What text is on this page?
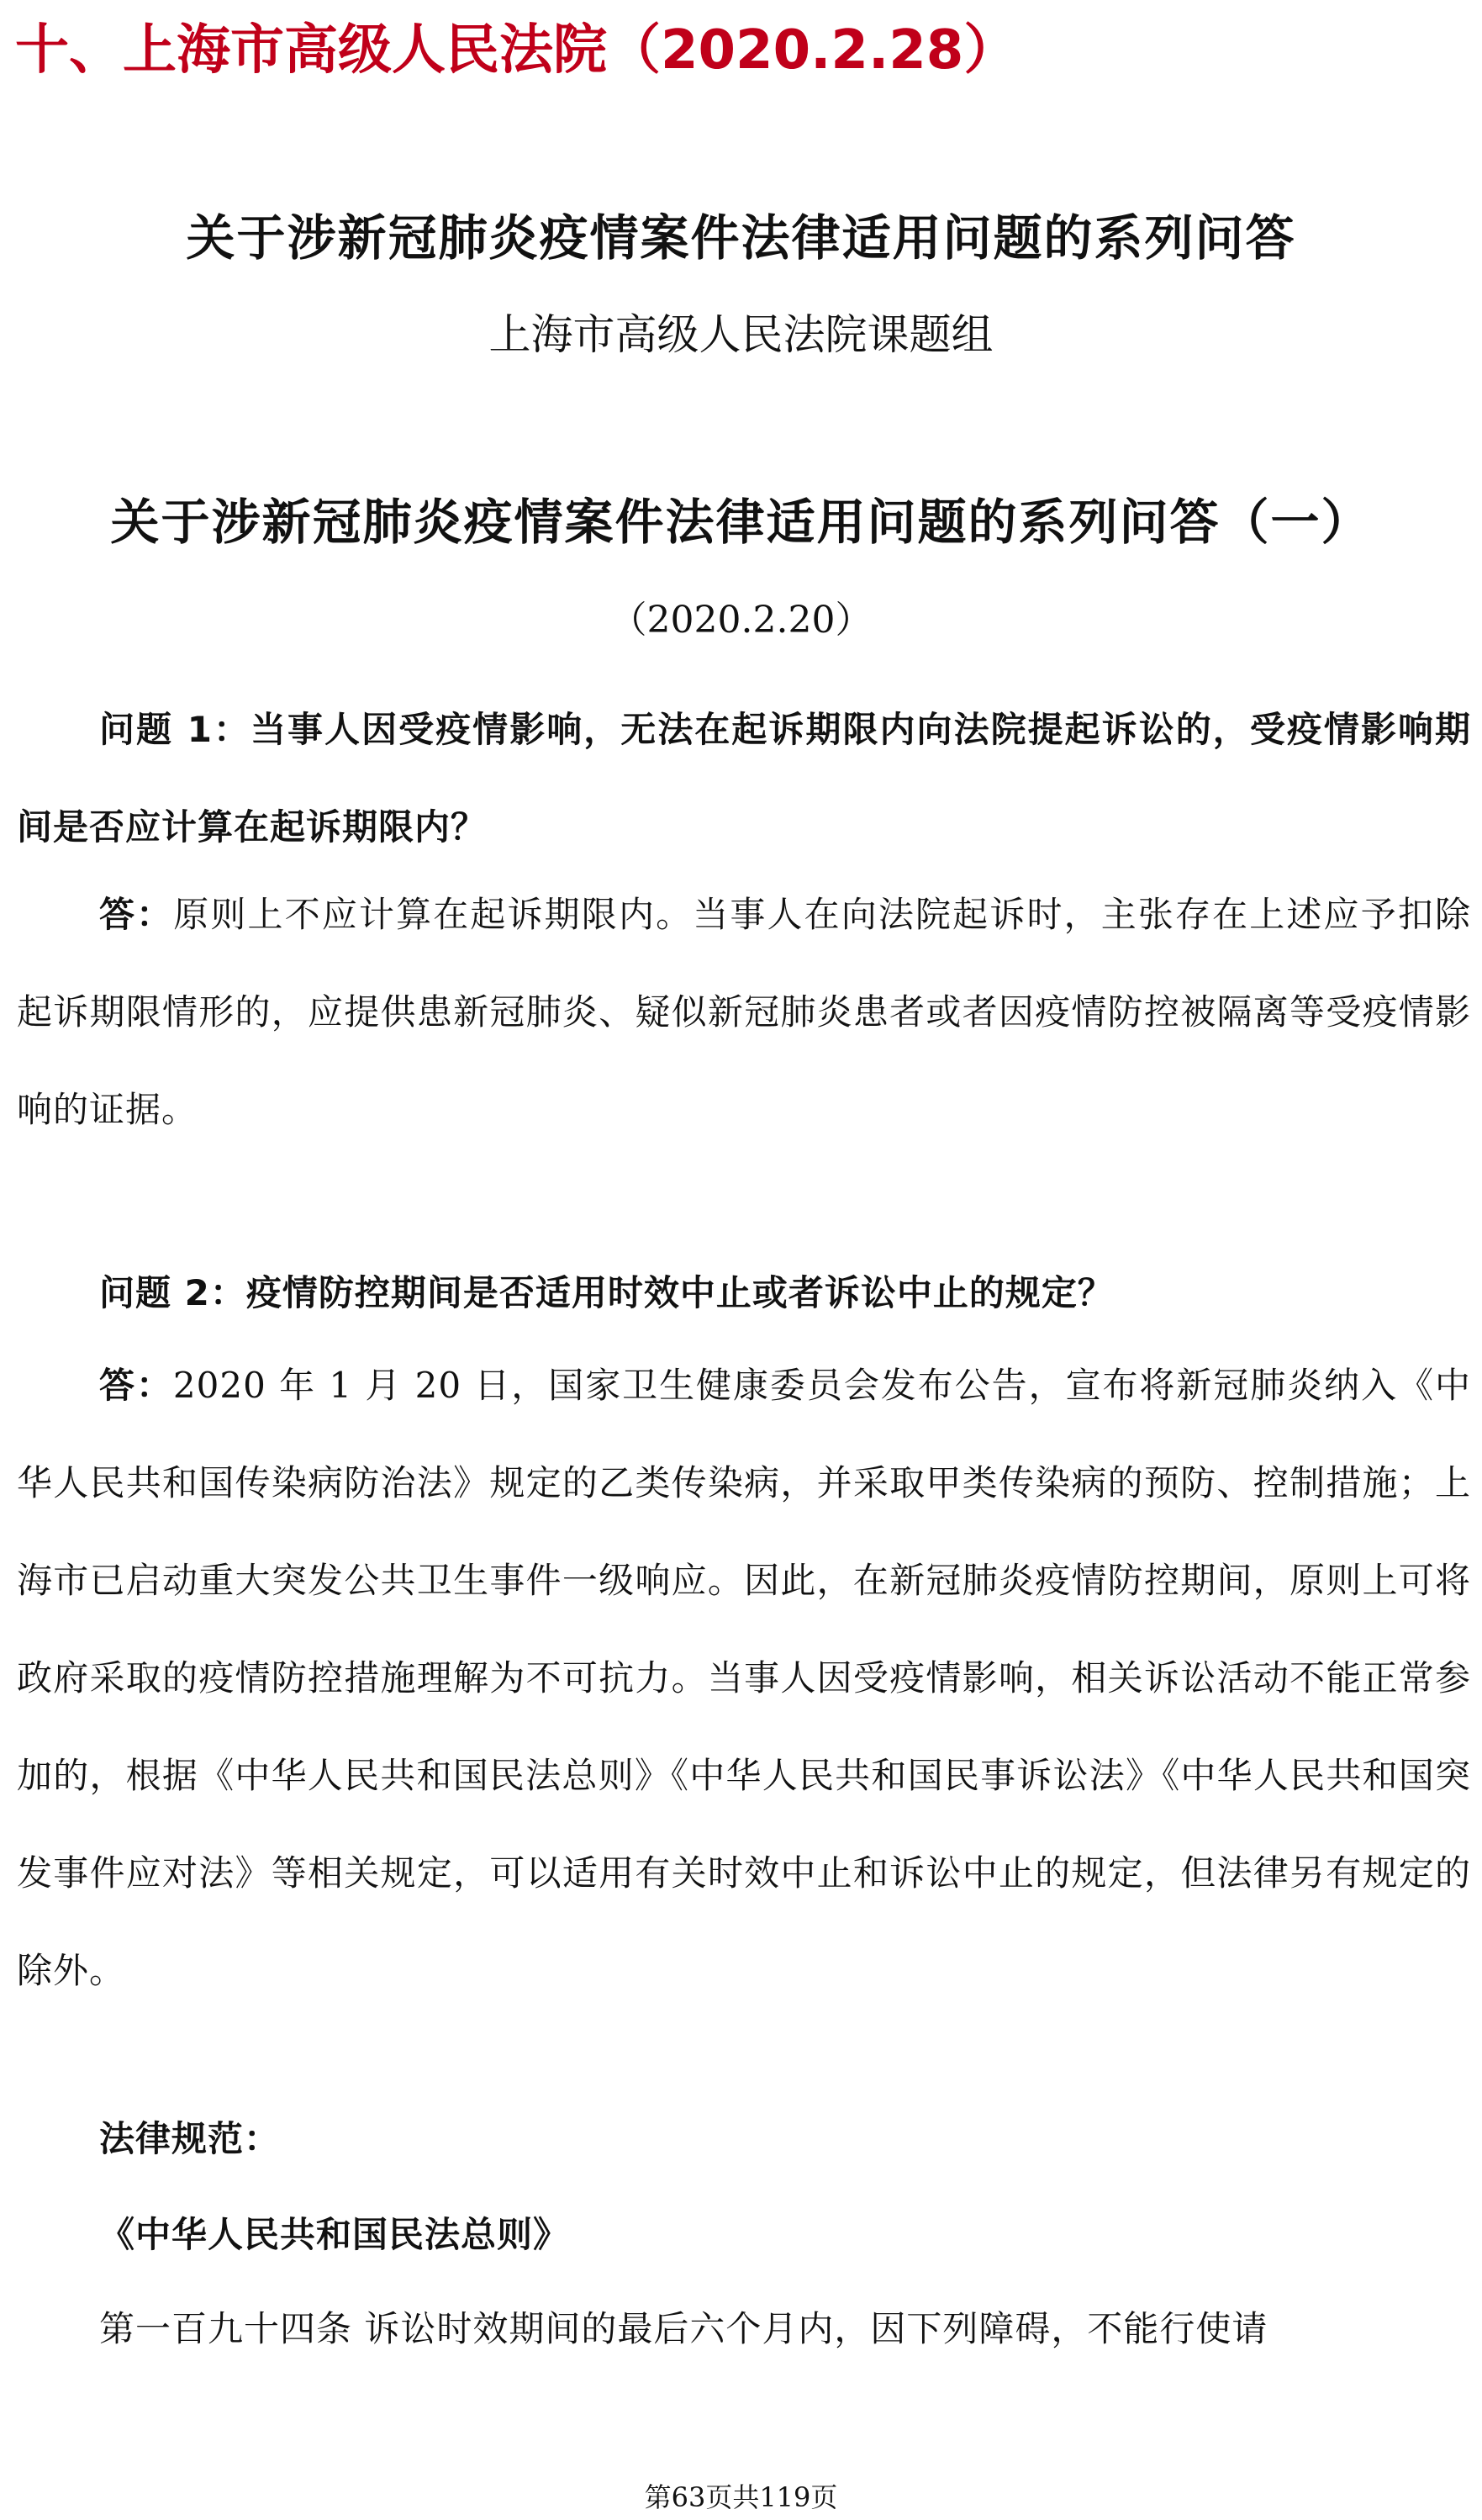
十、上海市高级人民法院（2020.2.28）
关于涉新冠肺炎疫情案件法律适用问题的系列问答
上海市高级人民法院课题组
关于涉新冠肺炎疫情案件法律适用问题的系列问答（一）
（2020.2.20）
问题 1：当事人因受疫情影响，无法在起诉期限内向法院提起诉讼的，受疫情影响期间是否应计算在起诉期限内？
答：原则上不应计算在起诉期限内。当事人在向法院起诉时，主张存在上述应予扣除起诉期限情形的，应提供患新冠肺炎、疑似新冠肺炎患者或者因疫情防控被隔离等受疫情影响的证据。
问题 2：疫情防控期间是否适用时效中止或者诉讼中止的规定？
答：2020 年 1 月 20 日，国家卫生健康委员会发布公告，宣布将新冠肺炎纳入《中华人民共和国传染病防治法》规定的乙类传染病，并采取甲类传染病的预防、控制措施；上海市已启动重大突发公共卫生事件一级响应。因此，在新冠肺炎疫情防控期间，原则上可将政府采取的疫情防控措施理解为不可抗力。当事人因受疫情影响，相关诉讼活动不能正常参加的，根据《中华人民共和国民法总则》《中华人民共和国民事诉讼法》《中华人民共和国突发事件应对法》等相关规定，可以适用有关时效中止和诉讼中止的规定，但法律另有规定的除外。
法律规范：
《中华人民共和国民法总则》
第一百九十四条 诉讼时效期间的最后六个月内，因下列障碍，不能行使请
第63页共119页
